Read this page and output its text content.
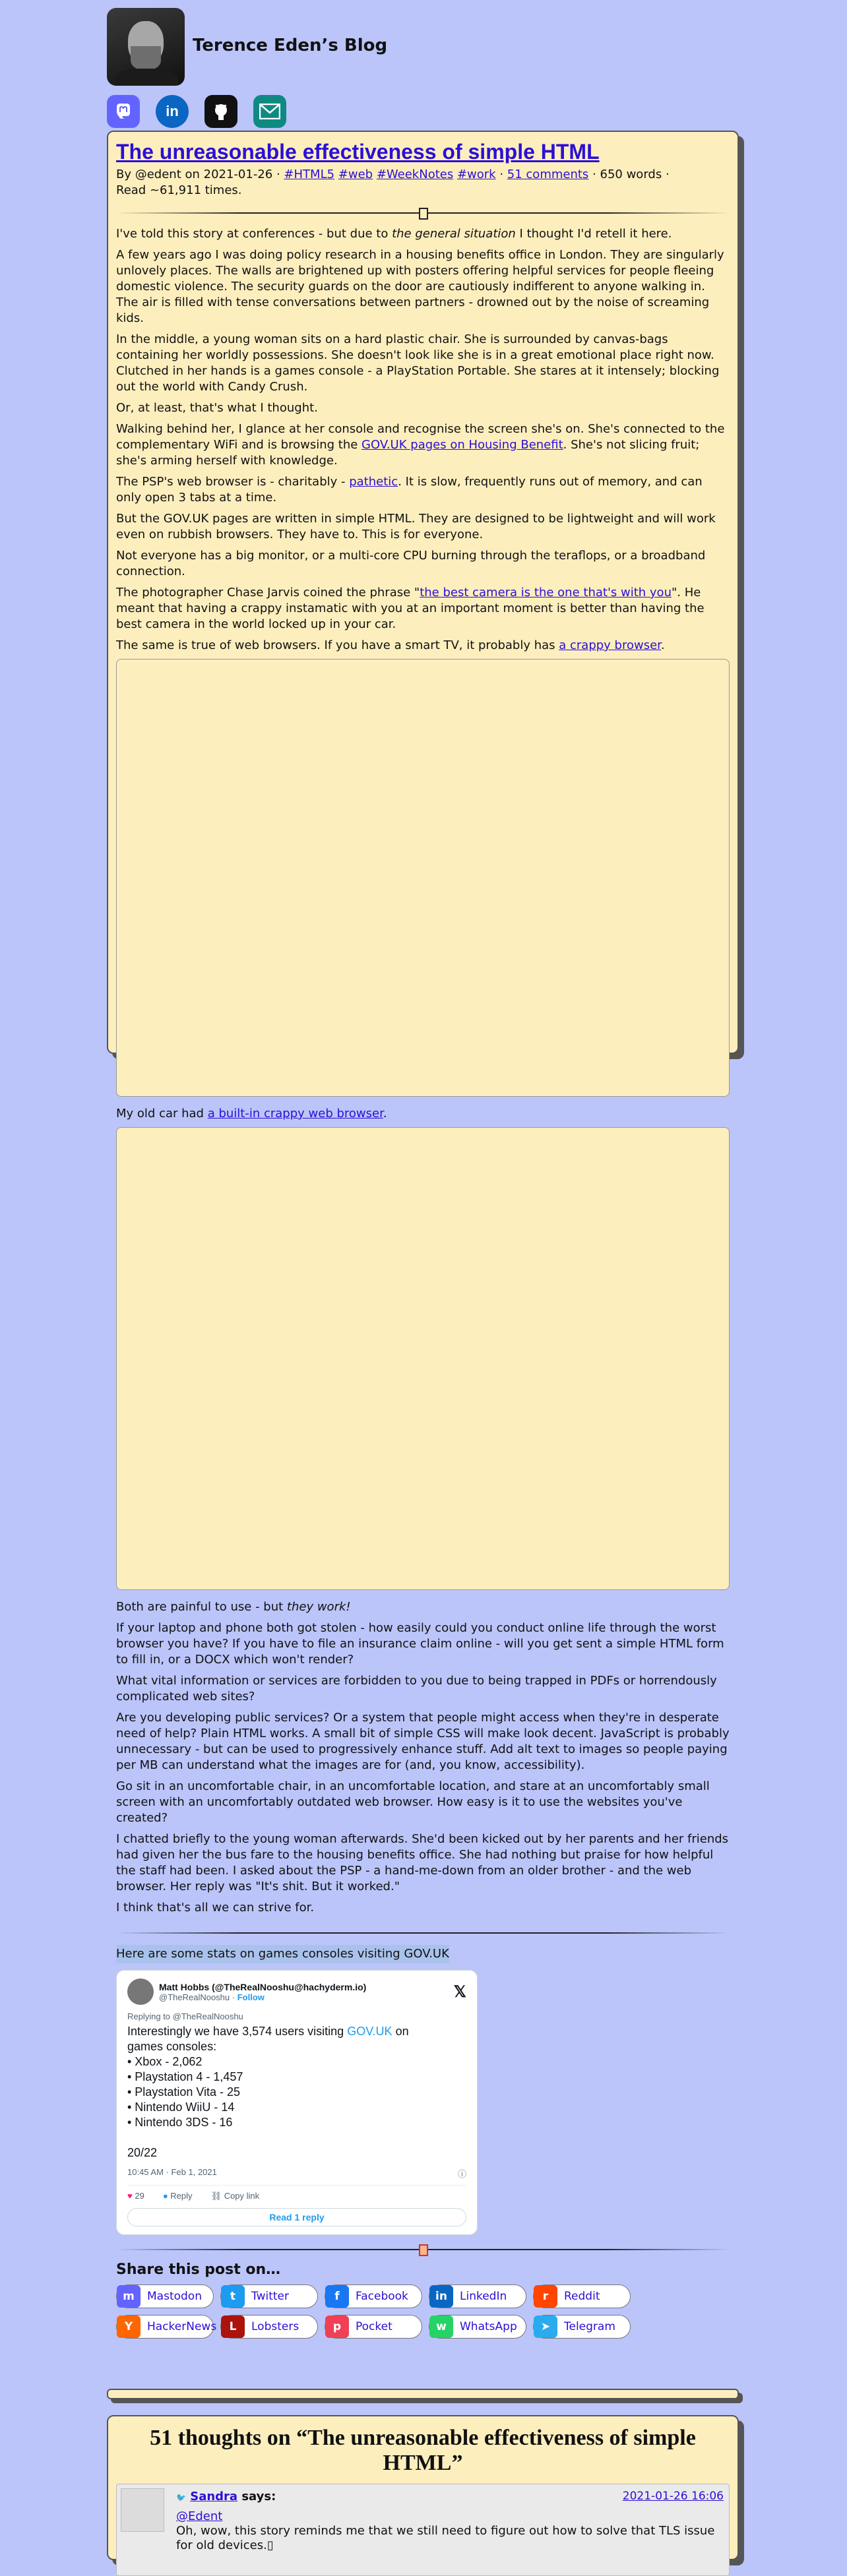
Terence Eden’s Blog
in
The unreasonable effectiveness of simple HTML
By @edent on 2021-01-26 · #HTML5 #web #WeekNotes #work · 51 comments · 650 words ·
Read ~61,911 times.

I've told this story at conferences - but due to the general situation I thought I'd retell it here.

A few years ago I was doing policy research in a housing benefits office in London. They are singularly unlovely places. The walls are brightened up with posters offering helpful services for people fleeing domestic violence. The security guards on the door are cautiously indifferent to anyone walking in. The air is filled with tense conversations between partners - drowned out by the noise of screaming kids.

In the middle, a young woman sits on a hard plastic chair. She is surrounded by canvas-bags containing her worldly possessions. She doesn't look like she is in a great emotional place right now. Clutched in her hands is a games console - a PlayStation Portable. She stares at it intensely; blocking out the world with Candy Crush.

Or, at least, that's what I thought.

Walking behind her, I glance at her console and recognise the screen she's on. She's connected to the complementary WiFi and is browsing the GOV.UK pages on Housing Benefit. She's not slicing fruit; she's arming herself with knowledge.

The PSP's web browser is - charitably - pathetic. It is slow, frequently runs out of memory, and can only open 3 tabs at a time.

But the GOV.UK pages are written in simple HTML. They are designed to be lightweight and will work even on rubbish browsers. They have to. This is for everyone.

Not everyone has a big monitor, or a multi-core CPU burning through the teraflops, or a broadband connection.

The photographer Chase Jarvis coined the phrase "the best camera is the one that's with you". He meant that having a crappy instamatic with you at an important moment is better than having the best camera in the world locked up in your car.

The same is true of web browsers. If you have a smart TV, it probably has a crappy browser.

My old car had a built-in crappy web browser.

Both are painful to use - but they work!

If your laptop and phone both got stolen - how easily could you conduct online life through the worst browser you have? If you have to file an insurance claim online - will you get sent a simple HTML form to fill in, or a DOCX which won't render?

What vital information or services are forbidden to you due to being trapped in PDFs or horrendously complicated web sites?

Are you developing public services? Or a system that people might access when they're in desperate need of help? Plain HTML works. A small bit of simple CSS will make look decent. JavaScript is probably unnecessary - but can be used to progressively enhance stuff. Add alt text to images so people paying per MB can understand what the images are for (and, you know, accessibility).

Go sit in an uncomfortable chair, in an uncomfortable location, and stare at an uncomfortably small screen with an uncomfortably outdated web browser. How easy is it to use the websites you've created?

I chatted briefly to the young woman afterwards. She'd been kicked out by her parents and her friends had given her the bus fare to the housing benefits office. She had nothing but praise for how helpful the staff had been. I asked about the PSP - a hand-me-down from an older brother - and the web browser. Her reply was "It's shit. But it worked."

I think that's all we can strive for.

Here are some stats on games consoles visiting GOV.UK
Matt Hobbs (@TheRealNooshu@hachyderm.io)
@TheRealNooshu · Follow	𝕏
Replying to @TheRealNooshu
Interestingly we have 3,574 users visiting GOV.UK on
games consoles:
• Xbox - 2,062
• Playstation 4 - 1,457
• Playstation Vita - 25
• Nintendo WiiU - 14
• Nintendo 3DS - 16
20/22
10:45 AM · Feb 1, 2021	ⓘ
♥ 29 ● Reply ⛓ Copy link
Read 1 reply
Share this post on…
m	Mastodon	t	Twitter	f	Facebook	in	LinkedIn	r	Reddit
Y	HackerNews	L	Lobsters	p	Pocket	w	WhatsApp	➤	Telegram
51 thoughts on “The unreasonable effectiveness of simple HTML”
🐦 Sandra says:	2021-01-26 16:06
@Edent
Oh, wow, this story reminds me that we still need to figure out how to solve that TLS issue for old devices.▯
